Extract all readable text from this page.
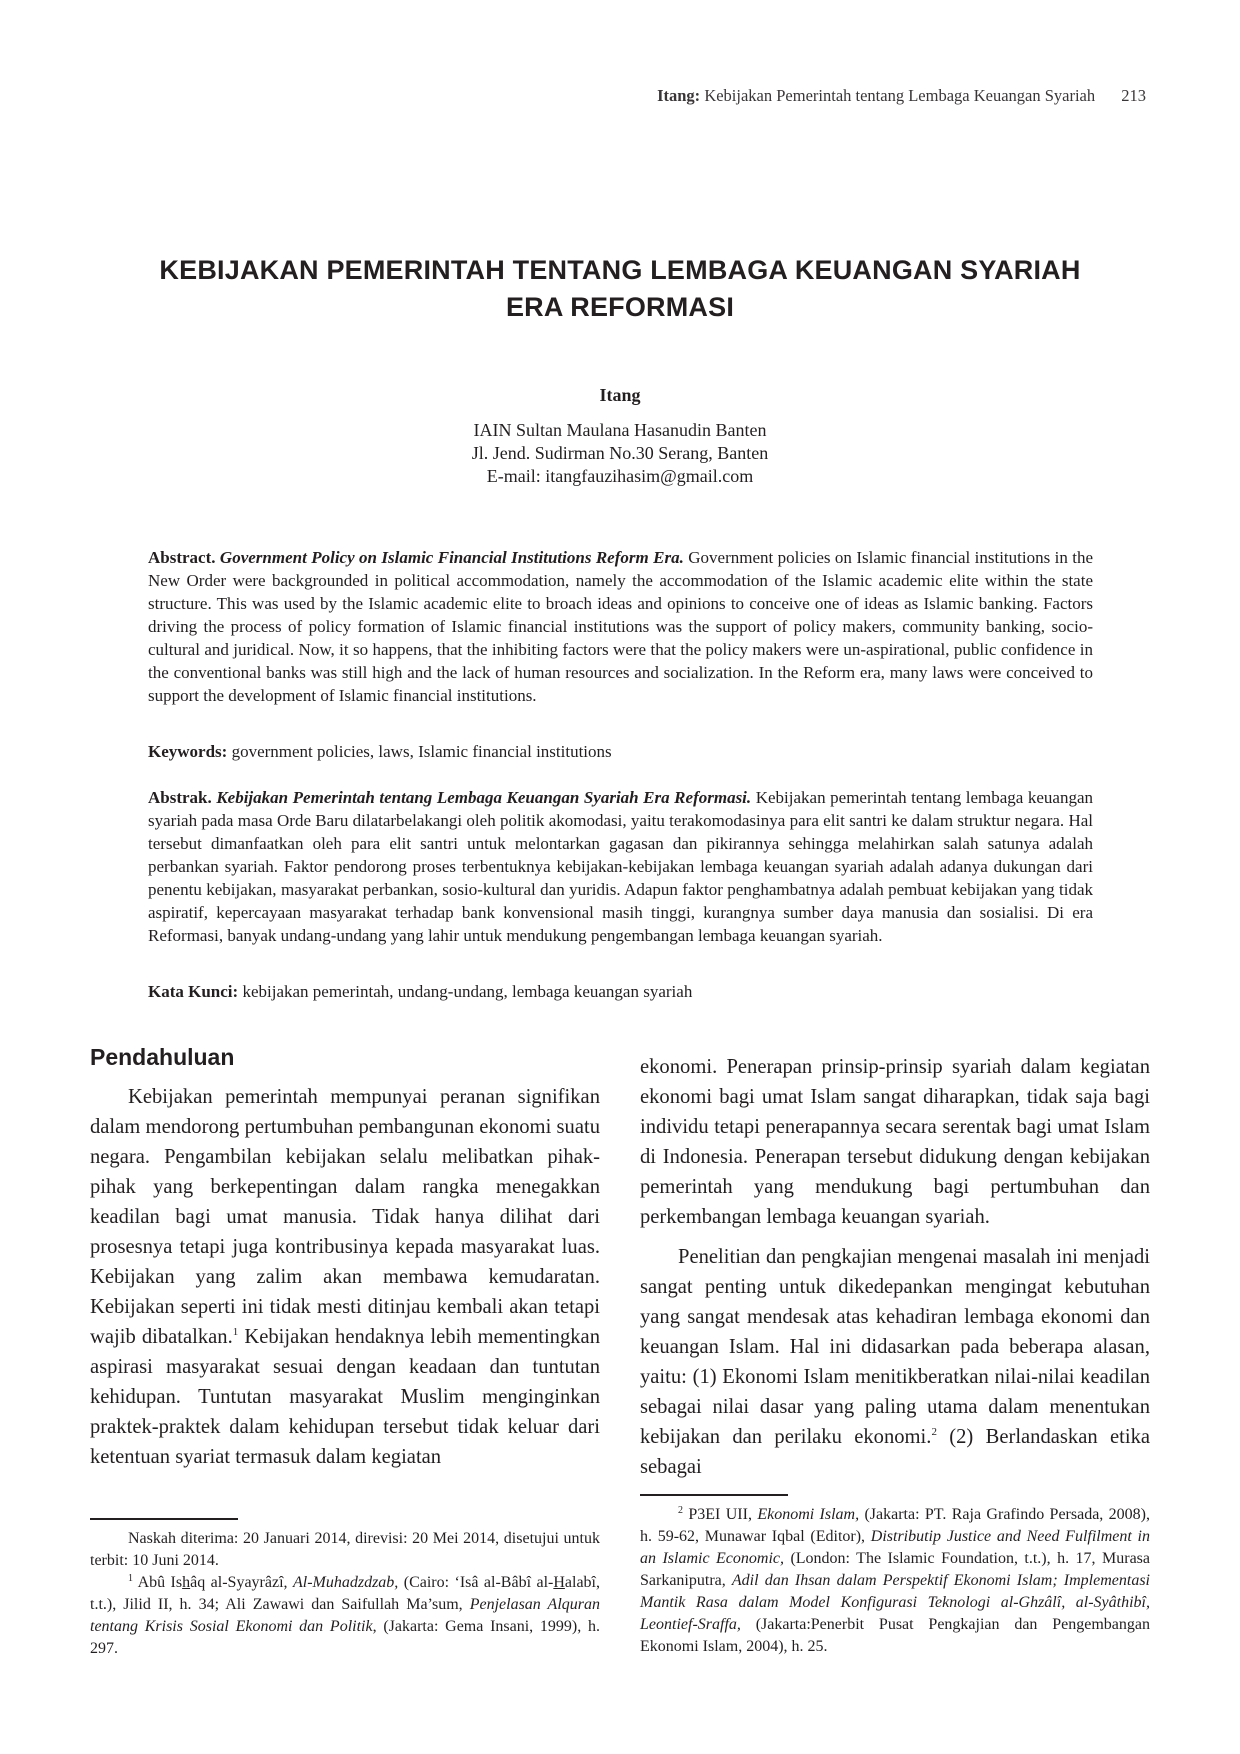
Itang: Kebijakan Pemerintah tentang Lembaga Keuangan Syariah 213
KEBIJAKAN PEMERINTAH TENTANG LEMBAGA KEUANGAN SYARIAH
ERA REFORMASI
Itang
IAIN Sultan Maulana Hasanudin Banten
Jl. Jend. Sudirman No.30 Serang, Banten
E-mail: itangfauzihasim@gmail.com

Abstract. Government Policy on Islamic Financial Institutions Reform Era. Government policies on Islamic financial institutions in the New Order were backgrounded in political accommodation, namely the accommodation of the Islamic academic elite within the state structure. This was used by the Islamic academic elite to broach ideas and opinions to conceive one of ideas as Islamic banking. Factors driving the process of policy formation of Islamic financial institutions was the support of policy makers, community banking, socio-cultural and juridical. Now, it so happens, that the inhibiting factors were that the policy makers were un-aspirational, public confidence in the conventional banks was still high and the lack of human resources and socialization. In the Reform era, many laws were conceived to support the development of Islamic financial institutions.

Keywords: government policies, laws, Islamic financial institutions

Abstrak. Kebijakan Pemerintah tentang Lembaga Keuangan Syariah Era Reformasi. Kebijakan pemerintah tentang lembaga keuangan syariah pada masa Orde Baru dilatarbelakangi oleh politik akomodasi, yaitu terakomodasinya para elit santri ke dalam struktur negara. Hal tersebut dimanfaatkan oleh para elit santri untuk melontarkan gagasan dan pikirannya sehingga melahirkan salah satunya adalah perbankan syariah. Faktor pendorong proses terbentuknya kebijakan-kebijakan lembaga keuangan syariah adalah adanya dukungan dari penentu kebijakan, masyarakat perbankan, sosio-kultural dan yuridis. Adapun faktor penghambatnya adalah pembuat kebijakan yang tidak aspiratif, kepercayaan masyarakat terhadap bank konvensional masih tinggi, kurangnya sumber daya manusia dan sosialisi. Di era Reformasi, banyak undang-undang yang lahir untuk mendukung pengembangan lembaga keuangan syariah.

Kata Kunci: kebijakan pemerintah, undang-undang, lembaga keuangan syariah
Pendahuluan

Kebijakan pemerintah mempunyai peranan signifikan dalam mendorong pertumbuhan pembangunan ekonomi suatu negara. Pengambilan kebijakan selalu melibatkan pihak-pihak yang berkepentingan dalam rangka menegakkan keadilan bagi umat manusia. Tidak hanya dilihat dari prosesnya tetapi juga kontribusinya kepada masyarakat luas. Kebijakan yang zalim akan membawa kemudaratan. Kebijakan seperti ini tidak mesti ditinjau kembali akan tetapi wajib dibatalkan.$^1$ Kebijakan hendaknya lebih mementingkan aspirasi masyarakat sesuai dengan keadaan dan tuntutan kehidupan. Tuntutan masyarakat Muslim menginginkan praktek-praktek dalam kehidupan tersebut tidak keluar dari ketentuan syariat termasuk dalam kegiatan

ekonomi. Penerapan prinsip-prinsip syariah dalam kegiatan ekonomi bagi umat Islam sangat diharapkan, tidak saja bagi individu tetapi penerapannya secara serentak bagi umat Islam di Indonesia. Penerapan tersebut didukung dengan kebijakan pemerintah yang mendukung bagi pertumbuhan dan perkembangan lembaga keuangan syariah.

Penelitian dan pengkajian mengenai masalah ini menjadi sangat penting untuk dikedepankan mengingat kebutuhan yang sangat mendesak atas kehadiran lembaga ekonomi dan keuangan Islam. Hal ini didasarkan pada beberapa alasan, yaitu: (1) Ekonomi Islam menitikberatkan nilai-nilai keadilan sebagai nilai dasar yang paling utama dalam menentukan kebijakan dan perilaku ekonomi.$^2$ (2) Berlandaskan etika sebagai

Naskah diterima: 20 Januari 2014, direvisi: 20 Mei 2014, disetujui untuk terbit: 10 Juni 2014.

$^1$ Abû Ishâq al-Syayrâzî, Al-Muhadzdzab, (Cairo: ‘Isâ al-Bâbî al-Halabî, t.t.), Jilid II, h. 34; Ali Zawawi dan Saifullah Ma’sum, Penjelasan Alquran tentang Krisis Sosial Ekonomi dan Politik, (Jakarta: Gema Insani, 1999), h. 297.

$^2$ P3EI UII, Ekonomi Islam, (Jakarta: PT. Raja Grafindo Persada, 2008), h. 59-62, Munawar Iqbal (Editor), Distributip Justice and Need Fulfilment in an Islamic Economic, (London: The Islamic Foundation, t.t.), h. 17, Murasa Sarkaniputra, Adil dan Ihsan dalam Perspektif Ekonomi Islam; Implementasi Mantik Rasa dalam Model Konfigurasi Teknologi al-Ghzâlî, al-Syâthibî, Leontief-Sraffa, (Jakarta:Penerbit Pusat Pengkajian dan Pengembangan Ekonomi Islam, 2004), h. 25.
